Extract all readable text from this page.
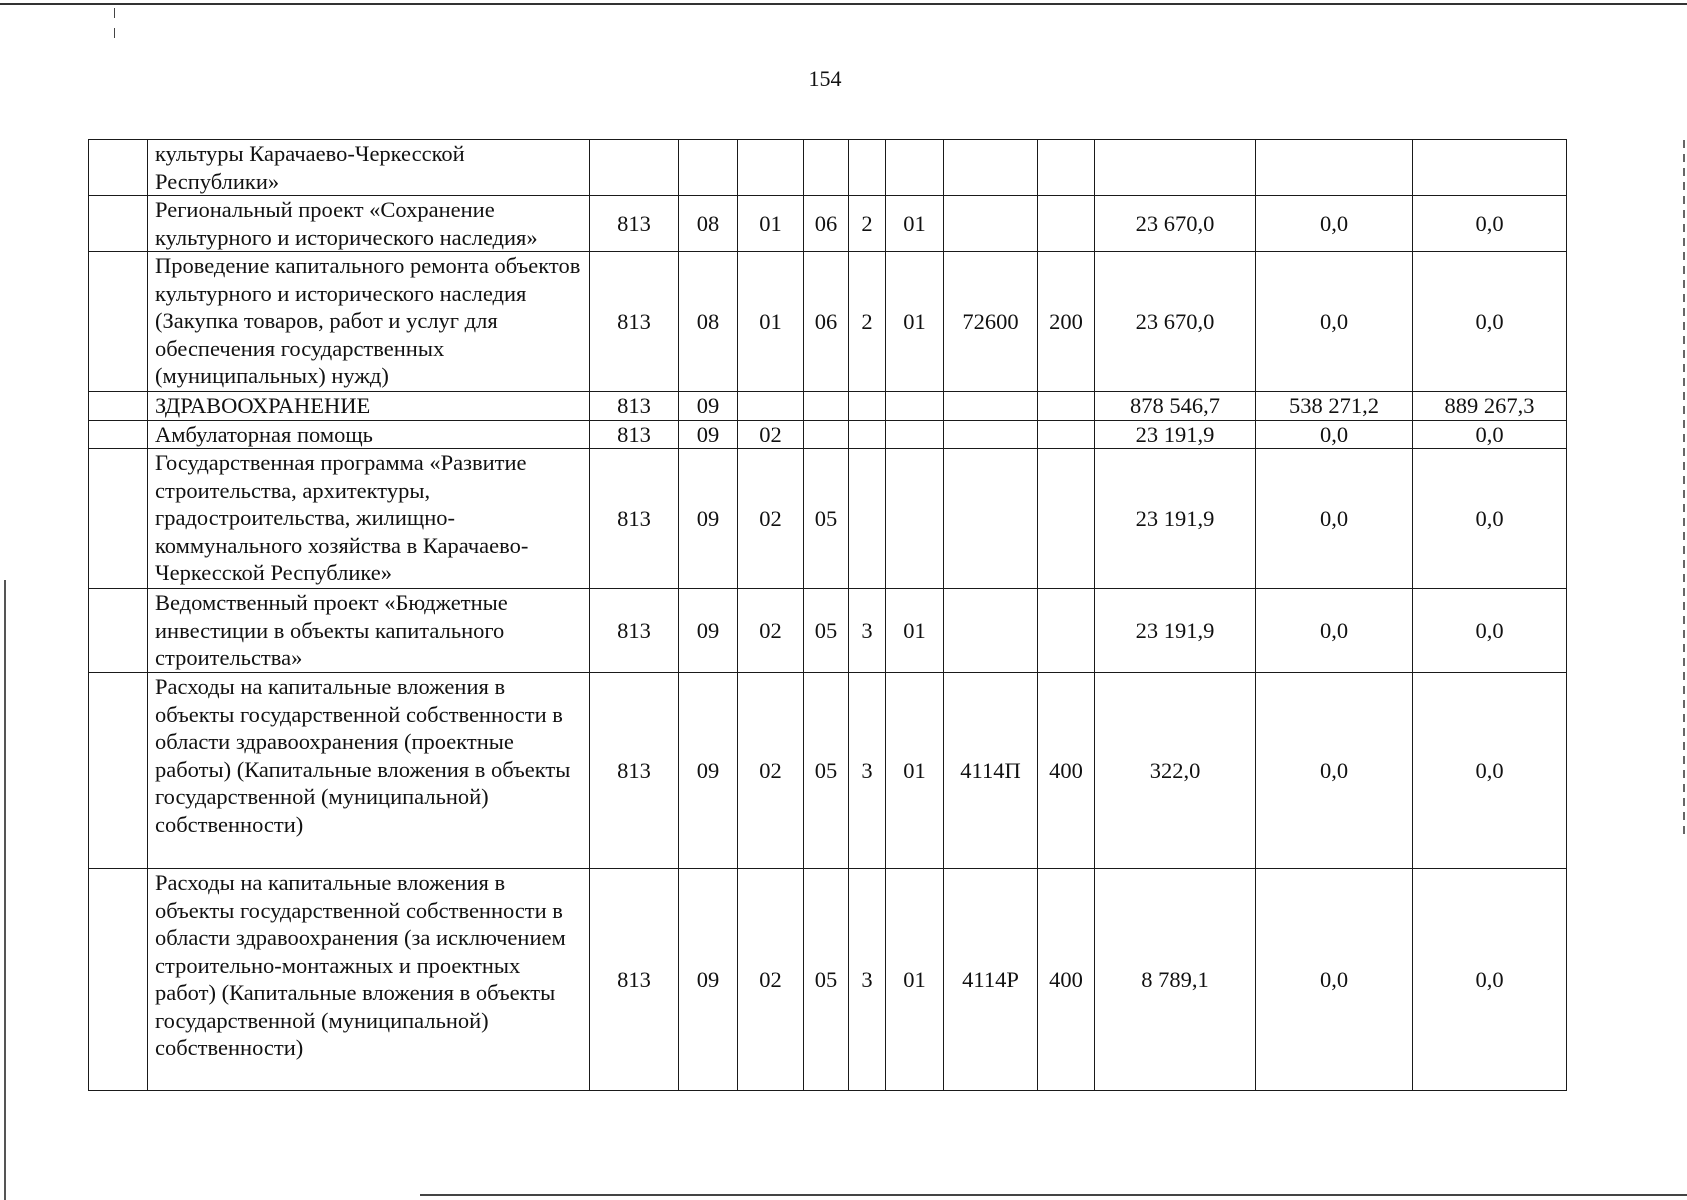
154
	культуры Карачаево-Черкесской Республики»											
	Региональный проект «Сохранение культурного и исторического наследия»	813	08	01	06	2	01			23 670,0	0,0	0,0
	Проведение капитального ремонта объектов культурного и исторического наследия (Закупка товаров, работ и услуг для обеспечения государственных (муниципальных) нужд)	813	08	01	06	2	01	72600	200	23 670,0	0,0	0,0
	ЗДРАВООХРАНЕНИЕ	813	09							878 546,7	538 271,2	889 267,3
	Амбулаторная помощь	813	09	02						23 191,9	0,0	0,0
	Государственная программа «Развитие строительства, архитектуры, градостроительства, жилищно-коммунального хозяйства в Карачаево-Черкесской Республике»	813	09	02	05					23 191,9	0,0	0,0
	Ведомственный проект «Бюджетные инвестиции в объекты капитального строительства»	813	09	02	05	3	01			23 191,9	0,0	0,0
	Расходы на капитальные вложения в объекты государственной собственности в области здравоохранения (проектные работы) (Капитальные вложения в объекты государственной (муниципальной) собственности)	813	09	02	05	3	01	4114П	400	322,0	0,0	0,0
	Расходы на капитальные вложения в объекты государственной собственности в области здравоохранения (за исключением строительно-монтажных и проектных работ) (Капитальные вложения в объекты государственной (муниципальной) собственности)	813	09	02	05	3	01	4114Р	400	8 789,1	0,0	0,0
